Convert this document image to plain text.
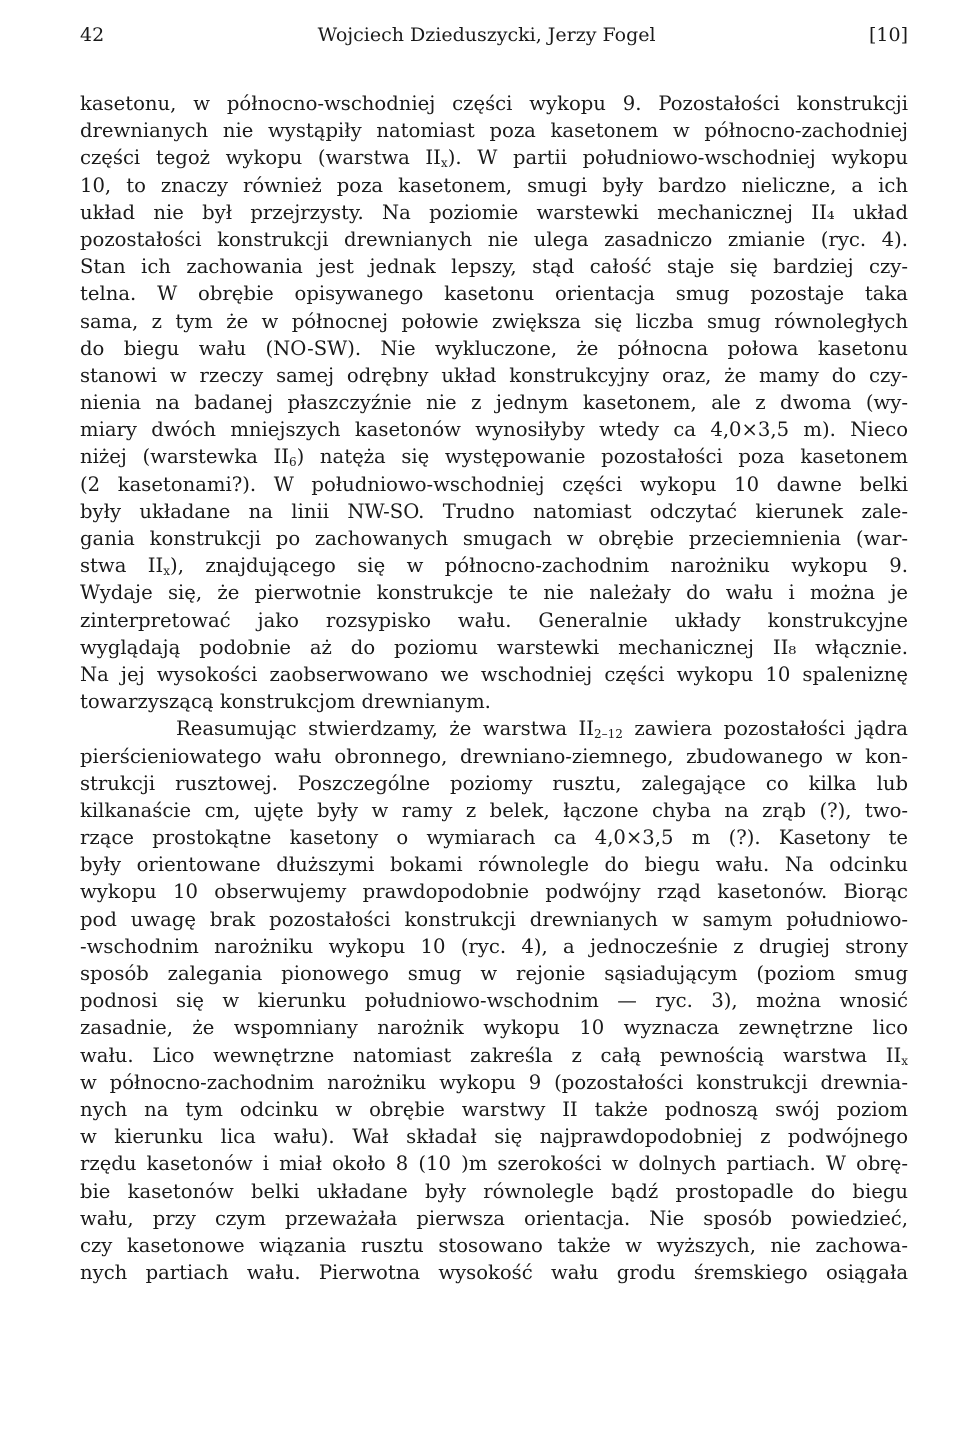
42	Wojciech Dzieduszycki, Jerzy Fogel	[10]
kasetonu, w północno-wschodniej części wykopu 9. Pozostałości konstrukcji
drewnianych nie wystąpiły natomiast poza kasetonem w północno-zachodniej
części tegoż wykopu (warstwa $II_x$). W partii południowo-wschodniej wykopu
10, to znaczy również poza kasetonem, smugi były bardzo nieliczne, a ich
układ nie był przejrzysty. Na poziomie warstewki mechanicznej II₄ układ
pozostałości konstrukcji drewnianych nie ulega zasadniczo zmianie (ryc. 4).
Stan ich zachowania jest jednak lepszy, stąd całość staje się bardziej czy-
telna. W obrębie opisywanego kasetonu orientacja smug pozostaje taka
sama, z tym że w północnej połowie zwiększa się liczba smug równoległych
do biegu wału (NO-SW). Nie wykluczone, że północna połowa kasetonu
stanowi w rzeczy samej odrębny układ konstrukcyjny oraz, że mamy do czy-
nienia na badanej płaszczyźnie nie z jednym kasetonem, ale z dwoma (wy-
miary dwóch mniejszych kasetonów wynosiłyby wtedy ca 4,0×3,5 m). Nieco
niżej (warstewka $II_6$) natęża się występowanie pozostałości poza kasetonem
(2 kasetonami?). W południowo-wschodniej części wykopu 10 dawne belki
były układane na linii NW-SO. Trudno natomiast odczytać kierunek zale-
gania konstrukcji po zachowanych smugach w obrębie przeciemnienia (war-
stwa $II_x$), znajdującego się w północno-zachodnim narożniku wykopu 9.
Wydaje się, że pierwotnie konstrukcje te nie należały do wału i można je
zinterpretować jako rozsypisko wału. Generalnie układy konstrukcyjne
wyglądają podobnie aż do poziomu warstewki mechanicznej II₈ włącznie.
Na jej wysokości zaobserwowano we wschodniej części wykopu 10 spaleniznę
towarzyszącą konstrukcjom drewnianym.
Reasumując stwierdzamy, że warstwa $II_{2-12}$ zawiera pozostałości jądra
pierścieniowatego wału obronnego, drewniano-ziemnego, zbudowanego w kon-
strukcji rusztowej. Poszczególne poziomy rusztu, zalegające co kilka lub
kilkanaście cm, ujęte były w ramy z belek, łączone chyba na zrąb (?), two-
rzące prostokątne kasetony o wymiarach ca 4,0×3,5 m (?). Kasetony te
były orientowane dłuższymi bokami równolegle do biegu wału. Na odcinku
wykopu 10 obserwujemy prawdopodobnie podwójny rząd kasetonów. Biorąc
pod uwagę brak pozostałości konstrukcji drewnianych w samym południowo-
-wschodnim narożniku wykopu 10 (ryc. 4), a jednocześnie z drugiej strony
sposób zalegania pionowego smug w rejonie sąsiadującym (poziom smug
podnosi się w kierunku południowo-wschodnim — ryc. 3), można wnosić
zasadnie, że wspomniany narożnik wykopu 10 wyznacza zewnętrzne lico
wału. Lico wewnętrzne natomiast zakreśla z całą pewnością warstwa $II_x$
w północno-zachodnim narożniku wykopu 9 (pozostałości konstrukcji drewnia-
nych na tym odcinku w obrębie warstwy II także podnoszą swój poziom
w kierunku lica wału). Wał składał się najprawdopodobniej z podwójnego
rzędu kasetonów i miał około 8 (10 )m szerokości w dolnych partiach. W obrę-
bie kasetonów belki układane były równolegle bądź prostopadle do biegu
wału, przy czym przeważała pierwsza orientacja. Nie sposób powiedzieć,
czy kasetonowe wiązania rusztu stosowano także w wyższych, nie zachowa-
nych partiach wału. Pierwotna wysokość wału grodu śremskiego osiągała
